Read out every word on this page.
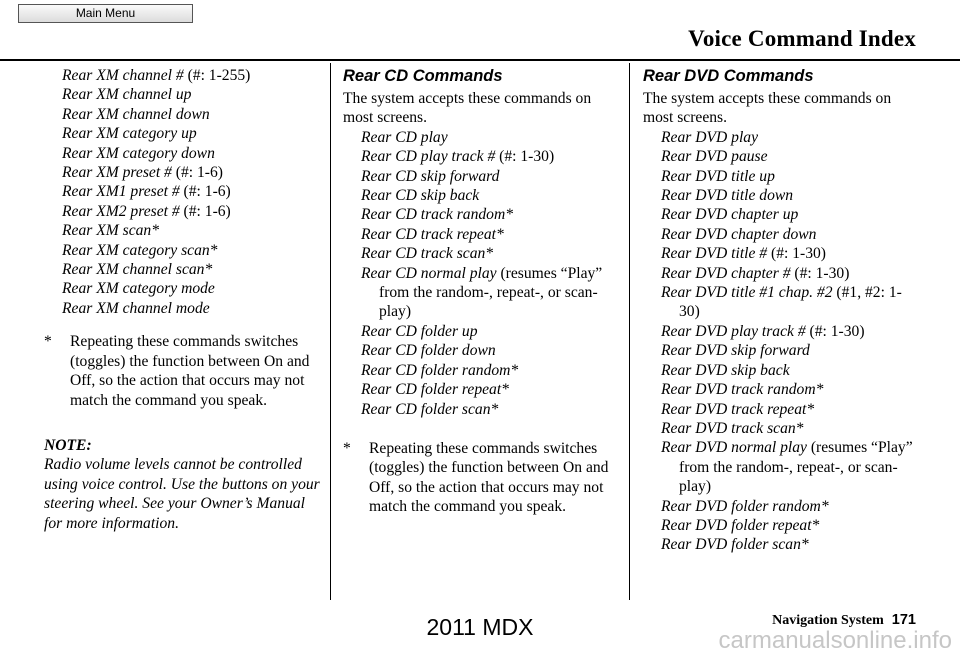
Main Menu
Voice Command Index
Rear XM channel # (#: 1-255)
Rear XM channel up
Rear XM channel down
Rear XM category up
Rear XM category down
Rear XM preset # (#: 1-6)
Rear XM1 preset # (#: 1-6)
Rear XM2 preset # (#: 1-6)
Rear XM scan*
Rear XM category scan*
Rear XM channel scan*
Rear XM category mode
Rear XM channel mode
*	Repeating these commands switches (toggles) the function between On and Off, so the action that occurs may not match the command you speak.
NOTE:
Radio volume levels cannot be controlled using voice control. Use the buttons on your steering wheel. See your Owner’s Manual for more information.
Rear CD Commands
The system accepts these commands on most screens.
Rear CD play
Rear CD play track # (#: 1-30)
Rear CD skip forward
Rear CD skip back
Rear CD track random*
Rear CD track repeat*
Rear CD track scan*
Rear CD normal play (resumes “Play” from the random-, repeat-, or scan-play)
Rear CD folder up
Rear CD folder down
Rear CD folder random*
Rear CD folder repeat*
Rear CD folder scan*
*	Repeating these commands switches (toggles) the function between On and Off, so the action that occurs may not match the command you speak.
Rear DVD Commands
The system accepts these commands on most screens.
Rear DVD play
Rear DVD pause
Rear DVD title up
Rear DVD title down
Rear DVD chapter up
Rear DVD chapter down
Rear DVD title # (#: 1-30)
Rear DVD chapter # (#: 1-30)
Rear DVD title #1 chap. #2 (#1, #2: 1-30)
Rear DVD play track # (#: 1-30)
Rear DVD skip forward
Rear DVD skip back
Rear DVD track random*
Rear DVD track repeat*
Rear DVD track scan*
Rear DVD normal play (resumes “Play” from the random-, repeat-, or scan-play)
Rear DVD folder random*
Rear DVD folder repeat*
Rear DVD folder scan*
Navigation System 171
2011 MDX	carmanualsonline.info
